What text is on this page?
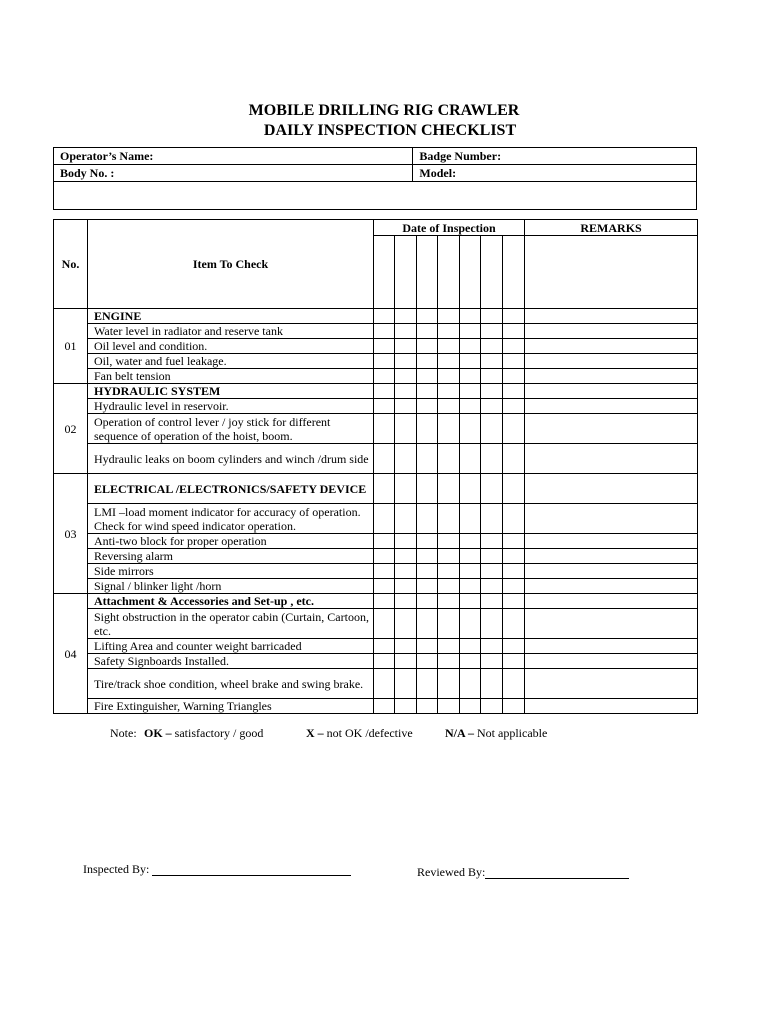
MOBILE DRILLING RIG CRAWLER
DAILY INSPECTION CHECKLIST
Operator’s Name:	Badge Number:
Body No. :	Model:

No.	Item To Check	Date of Inspection							REMARKS

01	ENGINE								
	Water level in radiator and reserve tank								
	Oil level and condition.								
	Oil, water and fuel leakage.								
	Fan belt tension								
02	HYDRAULIC SYSTEM								
	Hydraulic level in reservoir.								
	Operation of control lever / joy stick for different sequence of operation of the hoist, boom.								
	Hydraulic leaks on boom cylinders and winch /drum side								
03	ELECTRICAL /ELECTRONICS/SAFETY DEVICE								
	LMI –load moment indicator for accuracy of operation. Check for wind speed indicator operation.								
	Anti-two block for proper operation								
	Reversing alarm								
	Side mirrors								
	Signal / blinker light /horn								
04	Attachment & Accessories and Set-up , etc.								
	Sight obstruction in the operator cabin (Curtain, Cartoon, etc.								
	Lifting Area and counter weight barricaded								
	Safety Signboards Installed.								
	Tire/track shoe condition, wheel brake and swing brake.								
	Fire Extinguisher, Warning Triangles								
Note: OK – satisfactory / good	X – not OK /defective	N/A – Not applicable
Inspected By:	Reviewed By:
